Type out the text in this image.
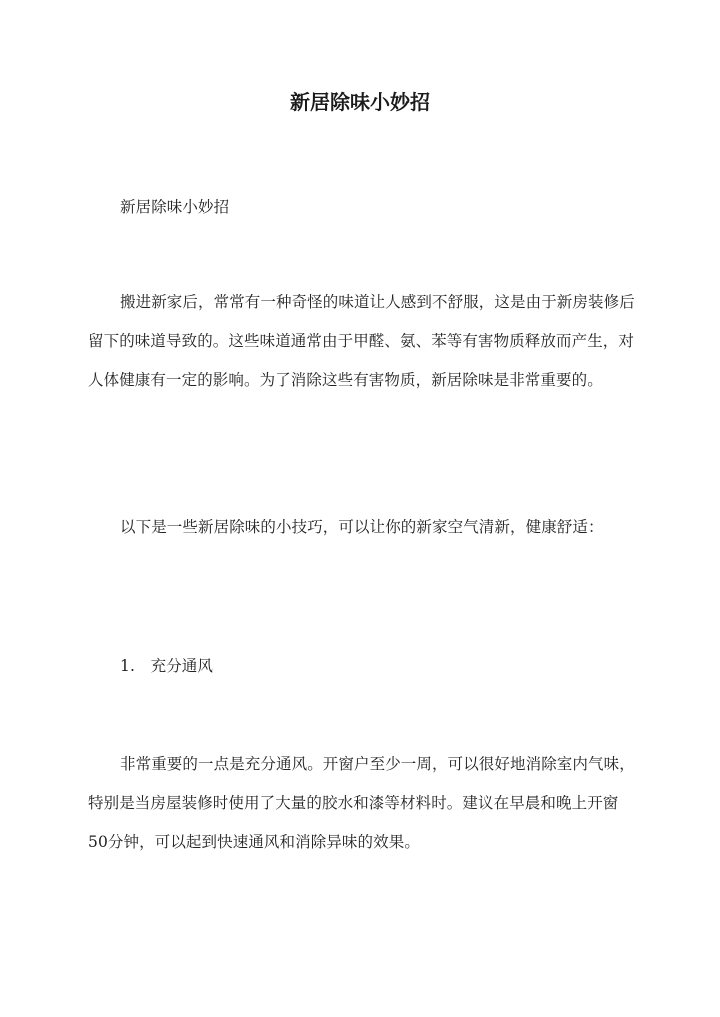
新居除味小妙招

新居除味小妙招

搬进新家后，常常有一种奇怪的味道让人感到不舒服，这是由于新房装修后留下的味道导致的。这些味道通常由于甲醛、氨、苯等有害物质释放而产生，对人体健康有一定的影响。为了消除这些有害物质，新居除味是非常重要的。

以下是一些新居除味的小技巧，可以让你的新家空气清新，健康舒适：

1.　充分通风

非常重要的一点是充分通风。开窗户至少一周，可以很好地消除室内气味，特别是当房屋装修时使用了大量的胶水和漆等材料时。建议在早晨和晚上开窗50分钟，可以起到快速通风和消除异味的效果。
